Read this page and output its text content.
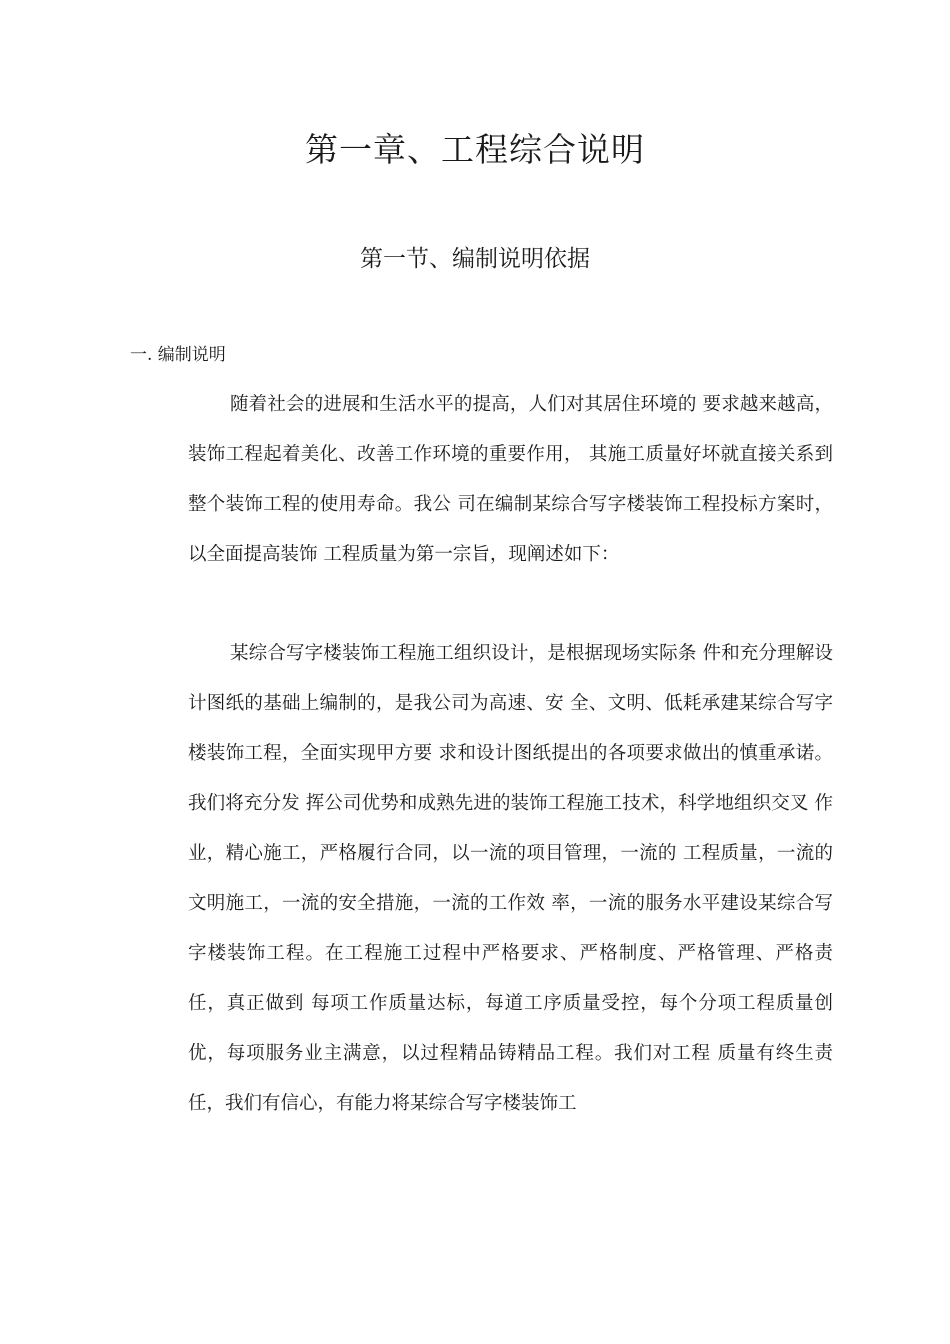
第一章、工程综合说明
第一节、编制说明依据
一. 编制说明

随着社会的进展和生活水平的提高，人们对其居住环境的 要求越来越高，装饰工程起着美化、改善工作环境的重要作用， 其施工质量好坏就直接关系到整个装饰工程的使用寿命。我公 司在编制某综合写字楼装饰工程投标方案时，以全面提高装饰 工程质量为第一宗旨，现阐述如下：

某综合写字楼装饰工程施工组织设计，是根据现场实际条 件和充分理解设计图纸的基础上编制的，是我公司为高速、安 全、文明、低耗承建某综合写字楼装饰工程，全面实现甲方要 求和设计图纸提出的各项要求做出的慎重承诺。我们将充分发 挥公司优势和成熟先进的装饰工程施工技术，科学地组织交叉 作业，精心施工，严格履行合同，以一流的项目管理，一流的 工程质量，一流的文明施工，一流的安全措施，一流的工作效 率，一流的服务水平建设某综合写字楼装饰工程。在工程施工过程中严格要求、严格制度、严格管理、严格责任，真正做到 每项工作质量达标，每道工序质量受控，每个分项工程质量创 优，每项服务业主满意，以过程精品铸精品工程。我们对工程 质量有终生责任，我们有信心，有能力将某综合写字楼装饰工
